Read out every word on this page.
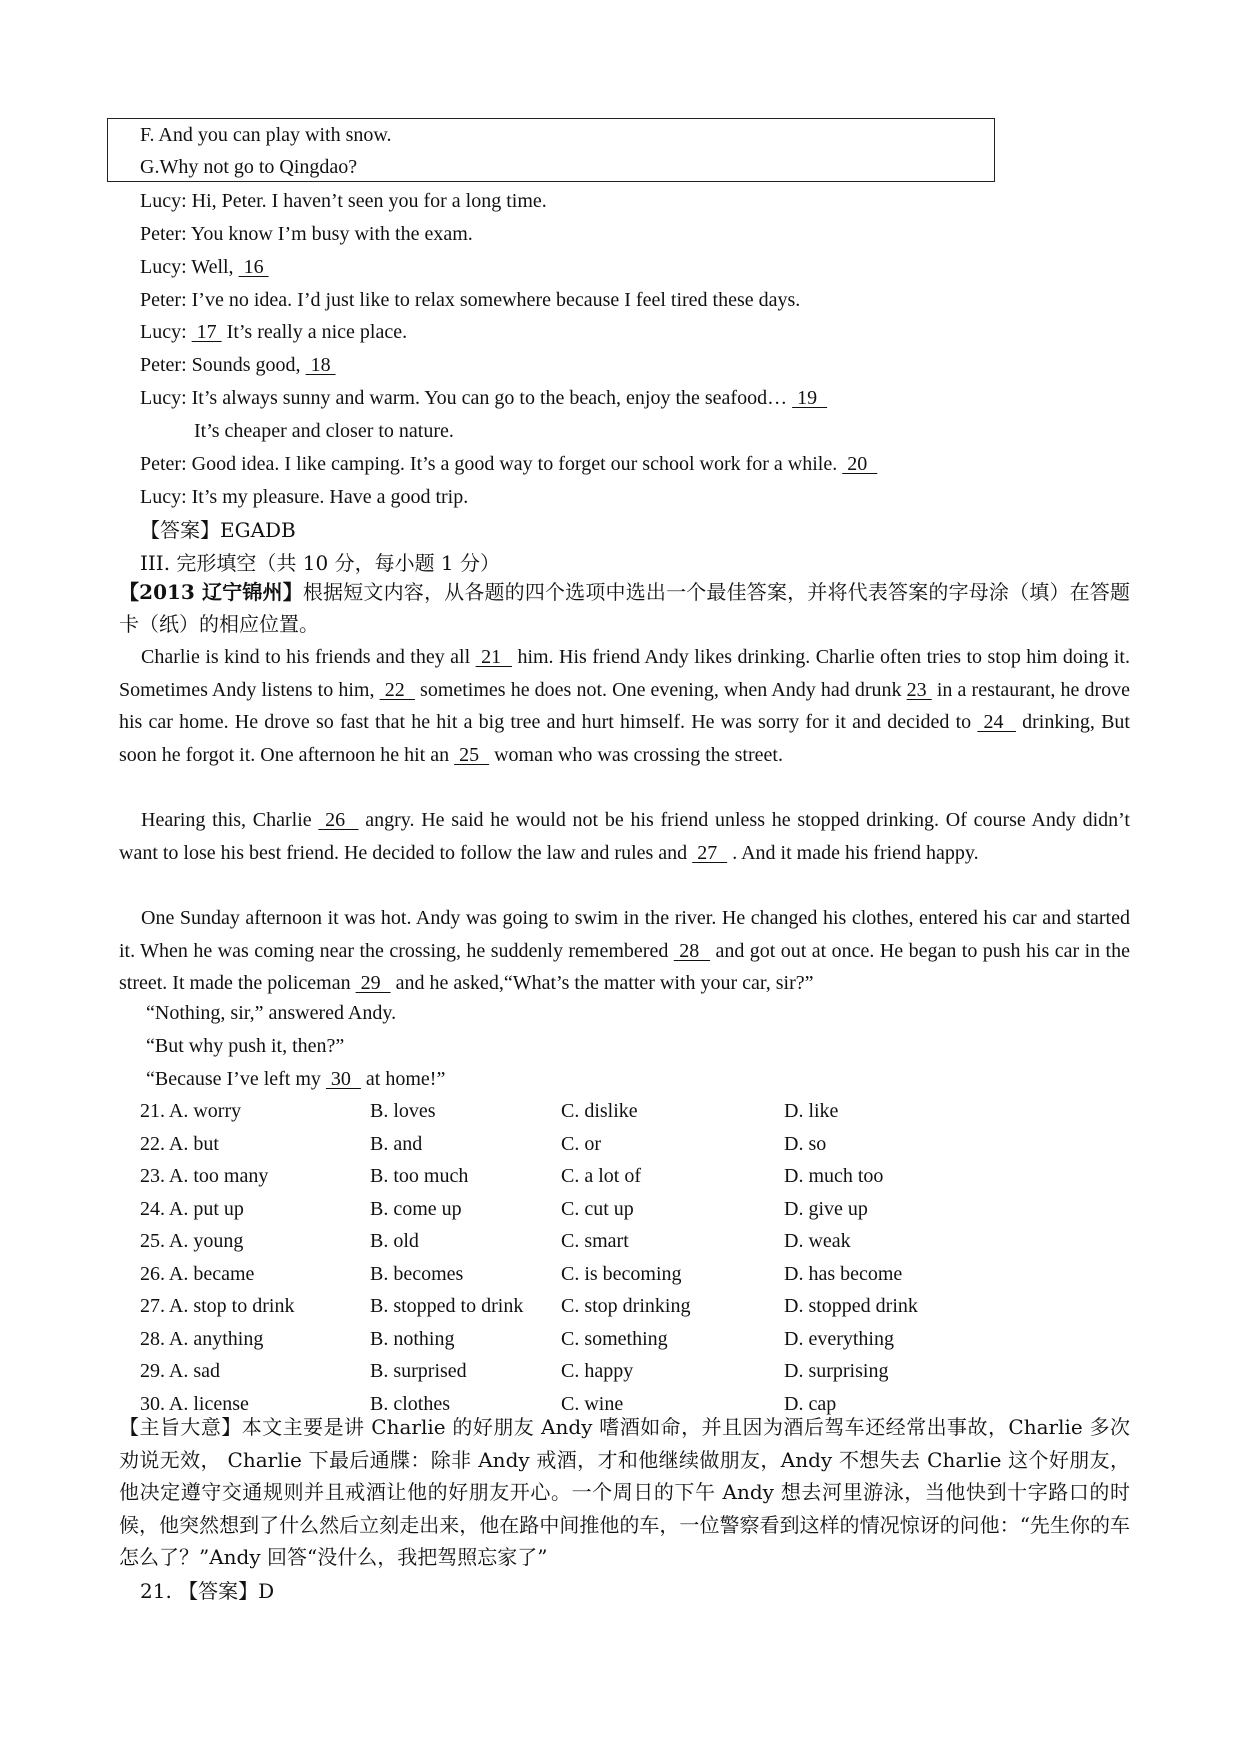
F. And you can play with snow.
G.Why not go to Qingdao?
Lucy: Hi, Peter. I haven’t seen you for a long time.
Peter: You know I’m busy with the exam.
Lucy: Well,  16
Peter: I’ve no idea. I’d just like to relax somewhere because I feel tired these days.
Lucy:  17  It’s really a nice place.
Peter: Sounds good,  18
Lucy: It’s always sunny and warm. You can go to the beach, enjoy the seafood…  19
It’s cheaper and closer to nature.
Peter: Good idea. I like camping. It’s a good way to forget our school work for a while.  20
Lucy: It’s my pleasure. Have a good trip.
【答案】EGADB
III. 完形填空（共 10 分，每小题 1 分）

【2013 辽宁锦州】根据短文内容，从各题的四个选项中选出一个最佳答案，并将代表答案的字母涂（填）在答题卡（纸）的相应位置。

Charlie is kind to his friends and they all  21   him. His friend Andy likes drinking. Charlie often tries to stop him doing it. Sometimes Andy listens to him,  22   sometimes he does not. One evening, when Andy had drunk 23  in a restaurant, he drove his car home. He drove so fast that he hit a big tree and hurt himself. He was sorry for it and decided to  24   drinking, But soon he forgot it. One afternoon he hit an  25   woman who was crossing the street.

Hearing this, Charlie  26   angry. He said he would not be his friend unless he stopped drinking. Of course Andy didn’t want to lose his best friend. He decided to follow the law and rules and  27   . And it made his friend happy.

One Sunday afternoon it was hot. Andy was going to swim in the river. He changed his clothes, entered his car and started it. When he was coming near the crossing, he suddenly remembered  28   and got out at once. He began to push his car in the street. It made the policeman  29   and he asked,“What’s the matter with your car, sir?”

“Nothing, sir,” answered Andy.
“But why push it, then?”
“Because I’ve left my  30   at home!”
21. A. worry	B. loves	C. dislike	D. like
22. A. but	B. and	C. or	D. so
23. A. too many	B. too much	C. a lot of	D. much too
24. A. put up	B. come up	C. cut up	D. give up
25. A. young	B. old	C. smart	D. weak
26. A. became	B. becomes	C. is becoming	D. has become
27. A. stop to drink	B. stopped to drink C. stop drinking	D. stopped drink
28. A. anything	B. nothing	C. something	D. everything
29. A. sad	B. surprised	C. happy	D. surprising
30. A. license	B. clothes	C. wine	D. cap

【主旨大意】本文主要是讲 Charlie 的好朋友 Andy 嗜酒如命，并且因为酒后驾车还经常出事故，Charlie 多次劝说无效， Charlie 下最后通牒：除非 Andy 戒酒，才和他继续做朋友，Andy 不想失去 Charlie 这个好朋友，他决定遵守交通规则并且戒酒让他的好朋友开心。一个周日的下午 Andy 想去河里游泳，当他快到十字路口的时候，他突然想到了什么然后立刻走出来，他在路中间推他的车，一位警察看到这样的情况惊讶的问他：“先生你的车怎么了？”Andy 回答“没什么，我把驾照忘家了”

21. 【答案】D
